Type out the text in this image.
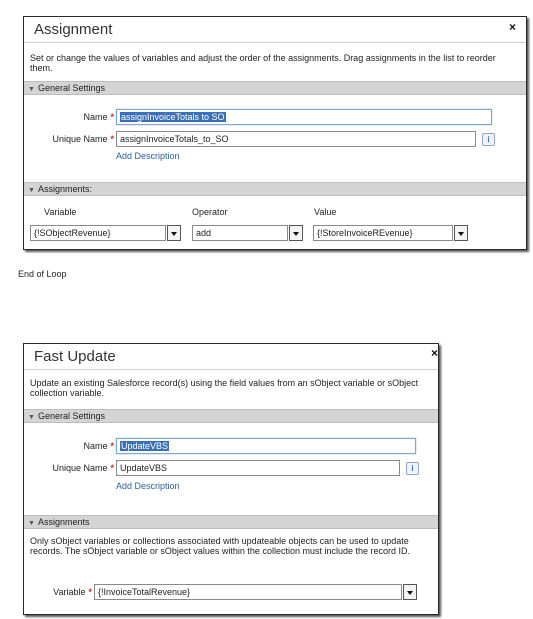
Assignment	×
Set or change the values of variables and adjust the order of the assignments. Drag assignments in the list to reorder them.
▼ General Settings
Name * assignInvoiceTotals to SO
Unique Name * assignInvoiceTotals_to_SO	i
Add Description
▼ Assignments:
Variable	Operator	Value
{!SObjectRevenue}	add	{!StoreInvoiceREvenue}
End of Loop
Fast Update
Update an existing Salesforce record(s) using the field values from an sObject variable or sObject collection variable.
▼ General Settings
Name * UpdateVBS
Unique Name * UpdateVBS	i
Add Description
▼ Assignments
Only sObject variables or collections associated with updateable objects can be used to update records. The sObject variable or sObject values within the collection must include the record ID.
Variable * {!InvoiceTotalRevenue}
×
